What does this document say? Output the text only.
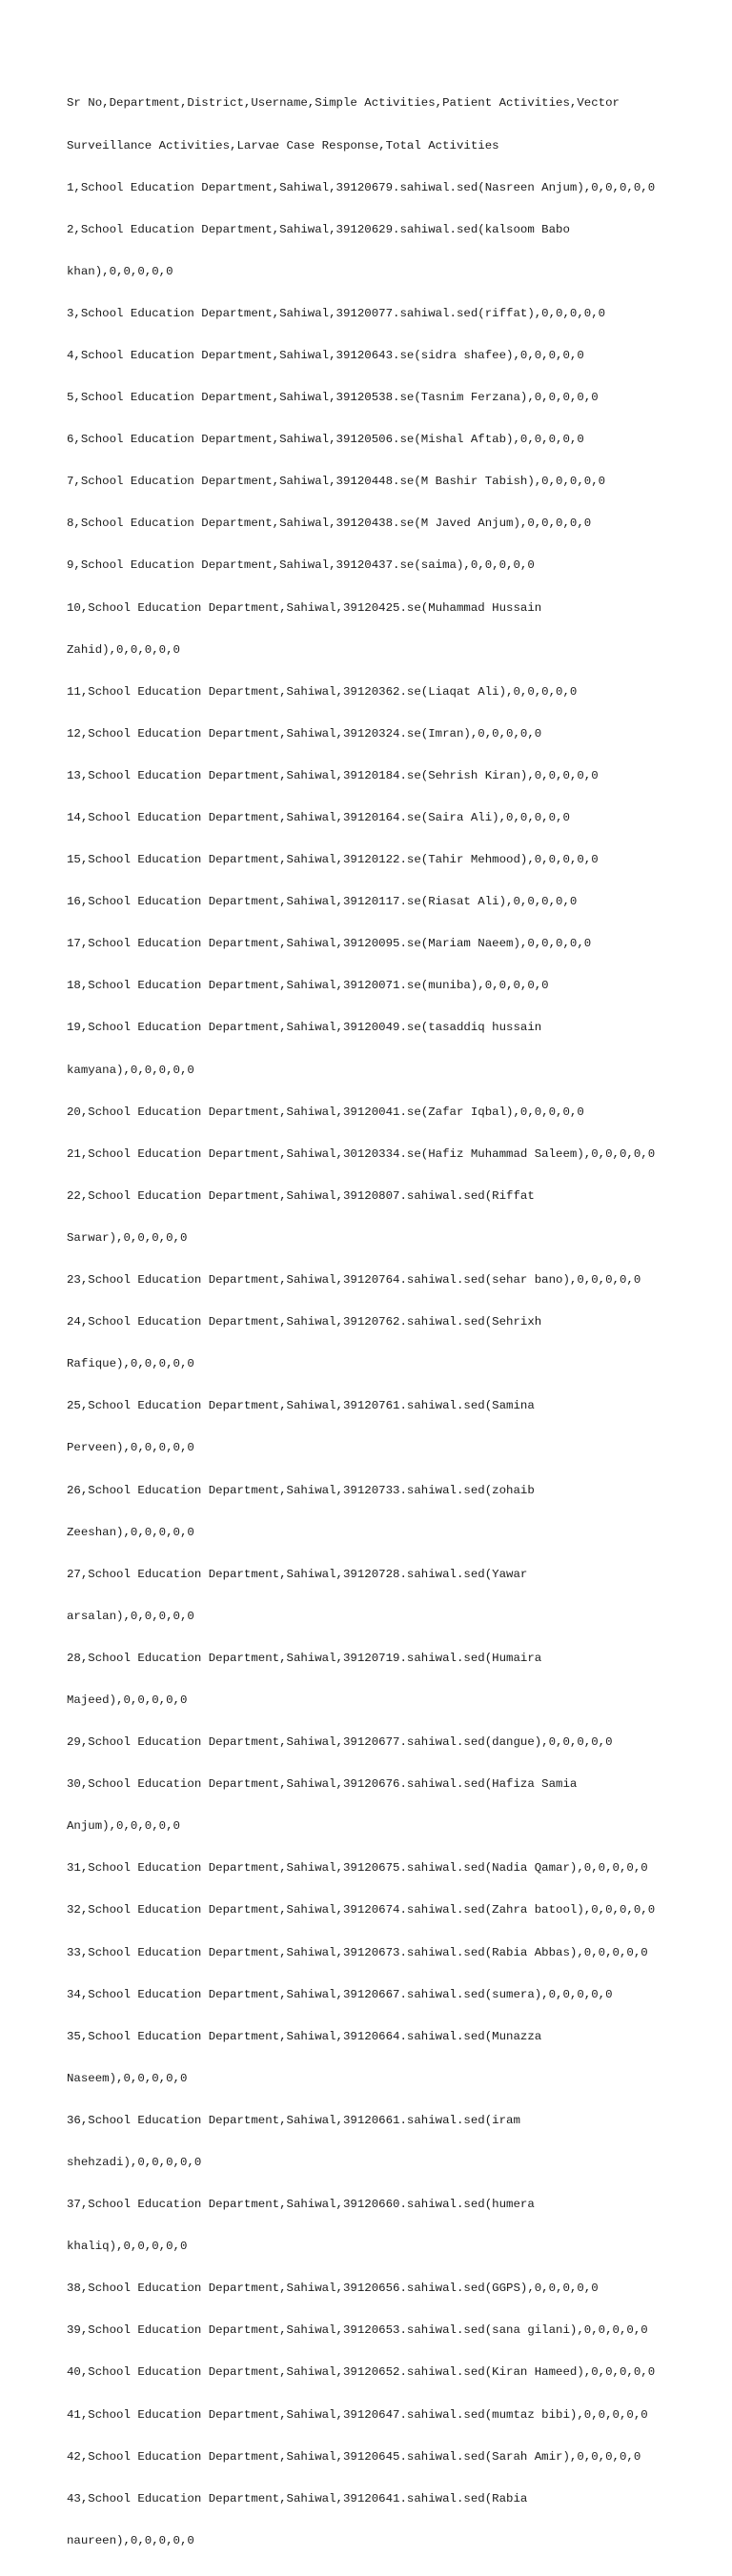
Sr No,Department,District,Username,Simple Activities,Patient Activities,Vector

Surveillance Activities,Larvae Case Response,Total Activities

1,School Education Department,Sahiwal,39120679.sahiwal.sed(Nasreen Anjum),0,0,0,0,0

2,School Education Department,Sahiwal,39120629.sahiwal.sed(kalsoom Babo

khan),0,0,0,0,0

3,School Education Department,Sahiwal,39120077.sahiwal.sed(riffat),0,0,0,0,0

4,School Education Department,Sahiwal,39120643.se(sidra shafee),0,0,0,0,0

5,School Education Department,Sahiwal,39120538.se(Tasnim Ferzana),0,0,0,0,0

6,School Education Department,Sahiwal,39120506.se(Mishal Aftab),0,0,0,0,0

7,School Education Department,Sahiwal,39120448.se(M Bashir Tabish),0,0,0,0,0

8,School Education Department,Sahiwal,39120438.se(M Javed Anjum),0,0,0,0,0

9,School Education Department,Sahiwal,39120437.se(saima),0,0,0,0,0

10,School Education Department,Sahiwal,39120425.se(Muhammad Hussain

Zahid),0,0,0,0,0

11,School Education Department,Sahiwal,39120362.se(Liaqat Ali),0,0,0,0,0

12,School Education Department,Sahiwal,39120324.se(Imran),0,0,0,0,0

13,School Education Department,Sahiwal,39120184.se(Sehrish Kiran),0,0,0,0,0

14,School Education Department,Sahiwal,39120164.se(Saira Ali),0,0,0,0,0

15,School Education Department,Sahiwal,39120122.se(Tahir Mehmood),0,0,0,0,0

16,School Education Department,Sahiwal,39120117.se(Riasat Ali),0,0,0,0,0

17,School Education Department,Sahiwal,39120095.se(Mariam Naeem),0,0,0,0,0

18,School Education Department,Sahiwal,39120071.se(muniba),0,0,0,0,0

19,School Education Department,Sahiwal,39120049.se(tasaddiq hussain

kamyana),0,0,0,0,0

20,School Education Department,Sahiwal,39120041.se(Zafar Iqbal),0,0,0,0,0

21,School Education Department,Sahiwal,30120334.se(Hafiz Muhammad Saleem),0,0,0,0,0

22,School Education Department,Sahiwal,39120807.sahiwal.sed(Riffat

Sarwar),0,0,0,0,0

23,School Education Department,Sahiwal,39120764.sahiwal.sed(sehar bano),0,0,0,0,0

24,School Education Department,Sahiwal,39120762.sahiwal.sed(Sehrixh

Rafique),0,0,0,0,0

25,School Education Department,Sahiwal,39120761.sahiwal.sed(Samina

Perveen),0,0,0,0,0

26,School Education Department,Sahiwal,39120733.sahiwal.sed(zohaib

Zeeshan),0,0,0,0,0

27,School Education Department,Sahiwal,39120728.sahiwal.sed(Yawar

arsalan),0,0,0,0,0

28,School Education Department,Sahiwal,39120719.sahiwal.sed(Humaira

Majeed),0,0,0,0,0

29,School Education Department,Sahiwal,39120677.sahiwal.sed(dangue),0,0,0,0,0

30,School Education Department,Sahiwal,39120676.sahiwal.sed(Hafiza Samia

Anjum),0,0,0,0,0

31,School Education Department,Sahiwal,39120675.sahiwal.sed(Nadia Qamar),0,0,0,0,0

32,School Education Department,Sahiwal,39120674.sahiwal.sed(Zahra batool),0,0,0,0,0

33,School Education Department,Sahiwal,39120673.sahiwal.sed(Rabia Abbas),0,0,0,0,0

34,School Education Department,Sahiwal,39120667.sahiwal.sed(sumera),0,0,0,0,0

35,School Education Department,Sahiwal,39120664.sahiwal.sed(Munazza

Naseem),0,0,0,0,0

36,School Education Department,Sahiwal,39120661.sahiwal.sed(iram

shehzadi),0,0,0,0,0

37,School Education Department,Sahiwal,39120660.sahiwal.sed(humera

khaliq),0,0,0,0,0

38,School Education Department,Sahiwal,39120656.sahiwal.sed(GGPS),0,0,0,0,0

39,School Education Department,Sahiwal,39120653.sahiwal.sed(sana gilani),0,0,0,0,0

40,School Education Department,Sahiwal,39120652.sahiwal.sed(Kiran Hameed),0,0,0,0,0

41,School Education Department,Sahiwal,39120647.sahiwal.sed(mumtaz bibi),0,0,0,0,0

42,School Education Department,Sahiwal,39120645.sahiwal.sed(Sarah Amir),0,0,0,0,0

43,School Education Department,Sahiwal,39120641.sahiwal.sed(Rabia

naureen),0,0,0,0,0
